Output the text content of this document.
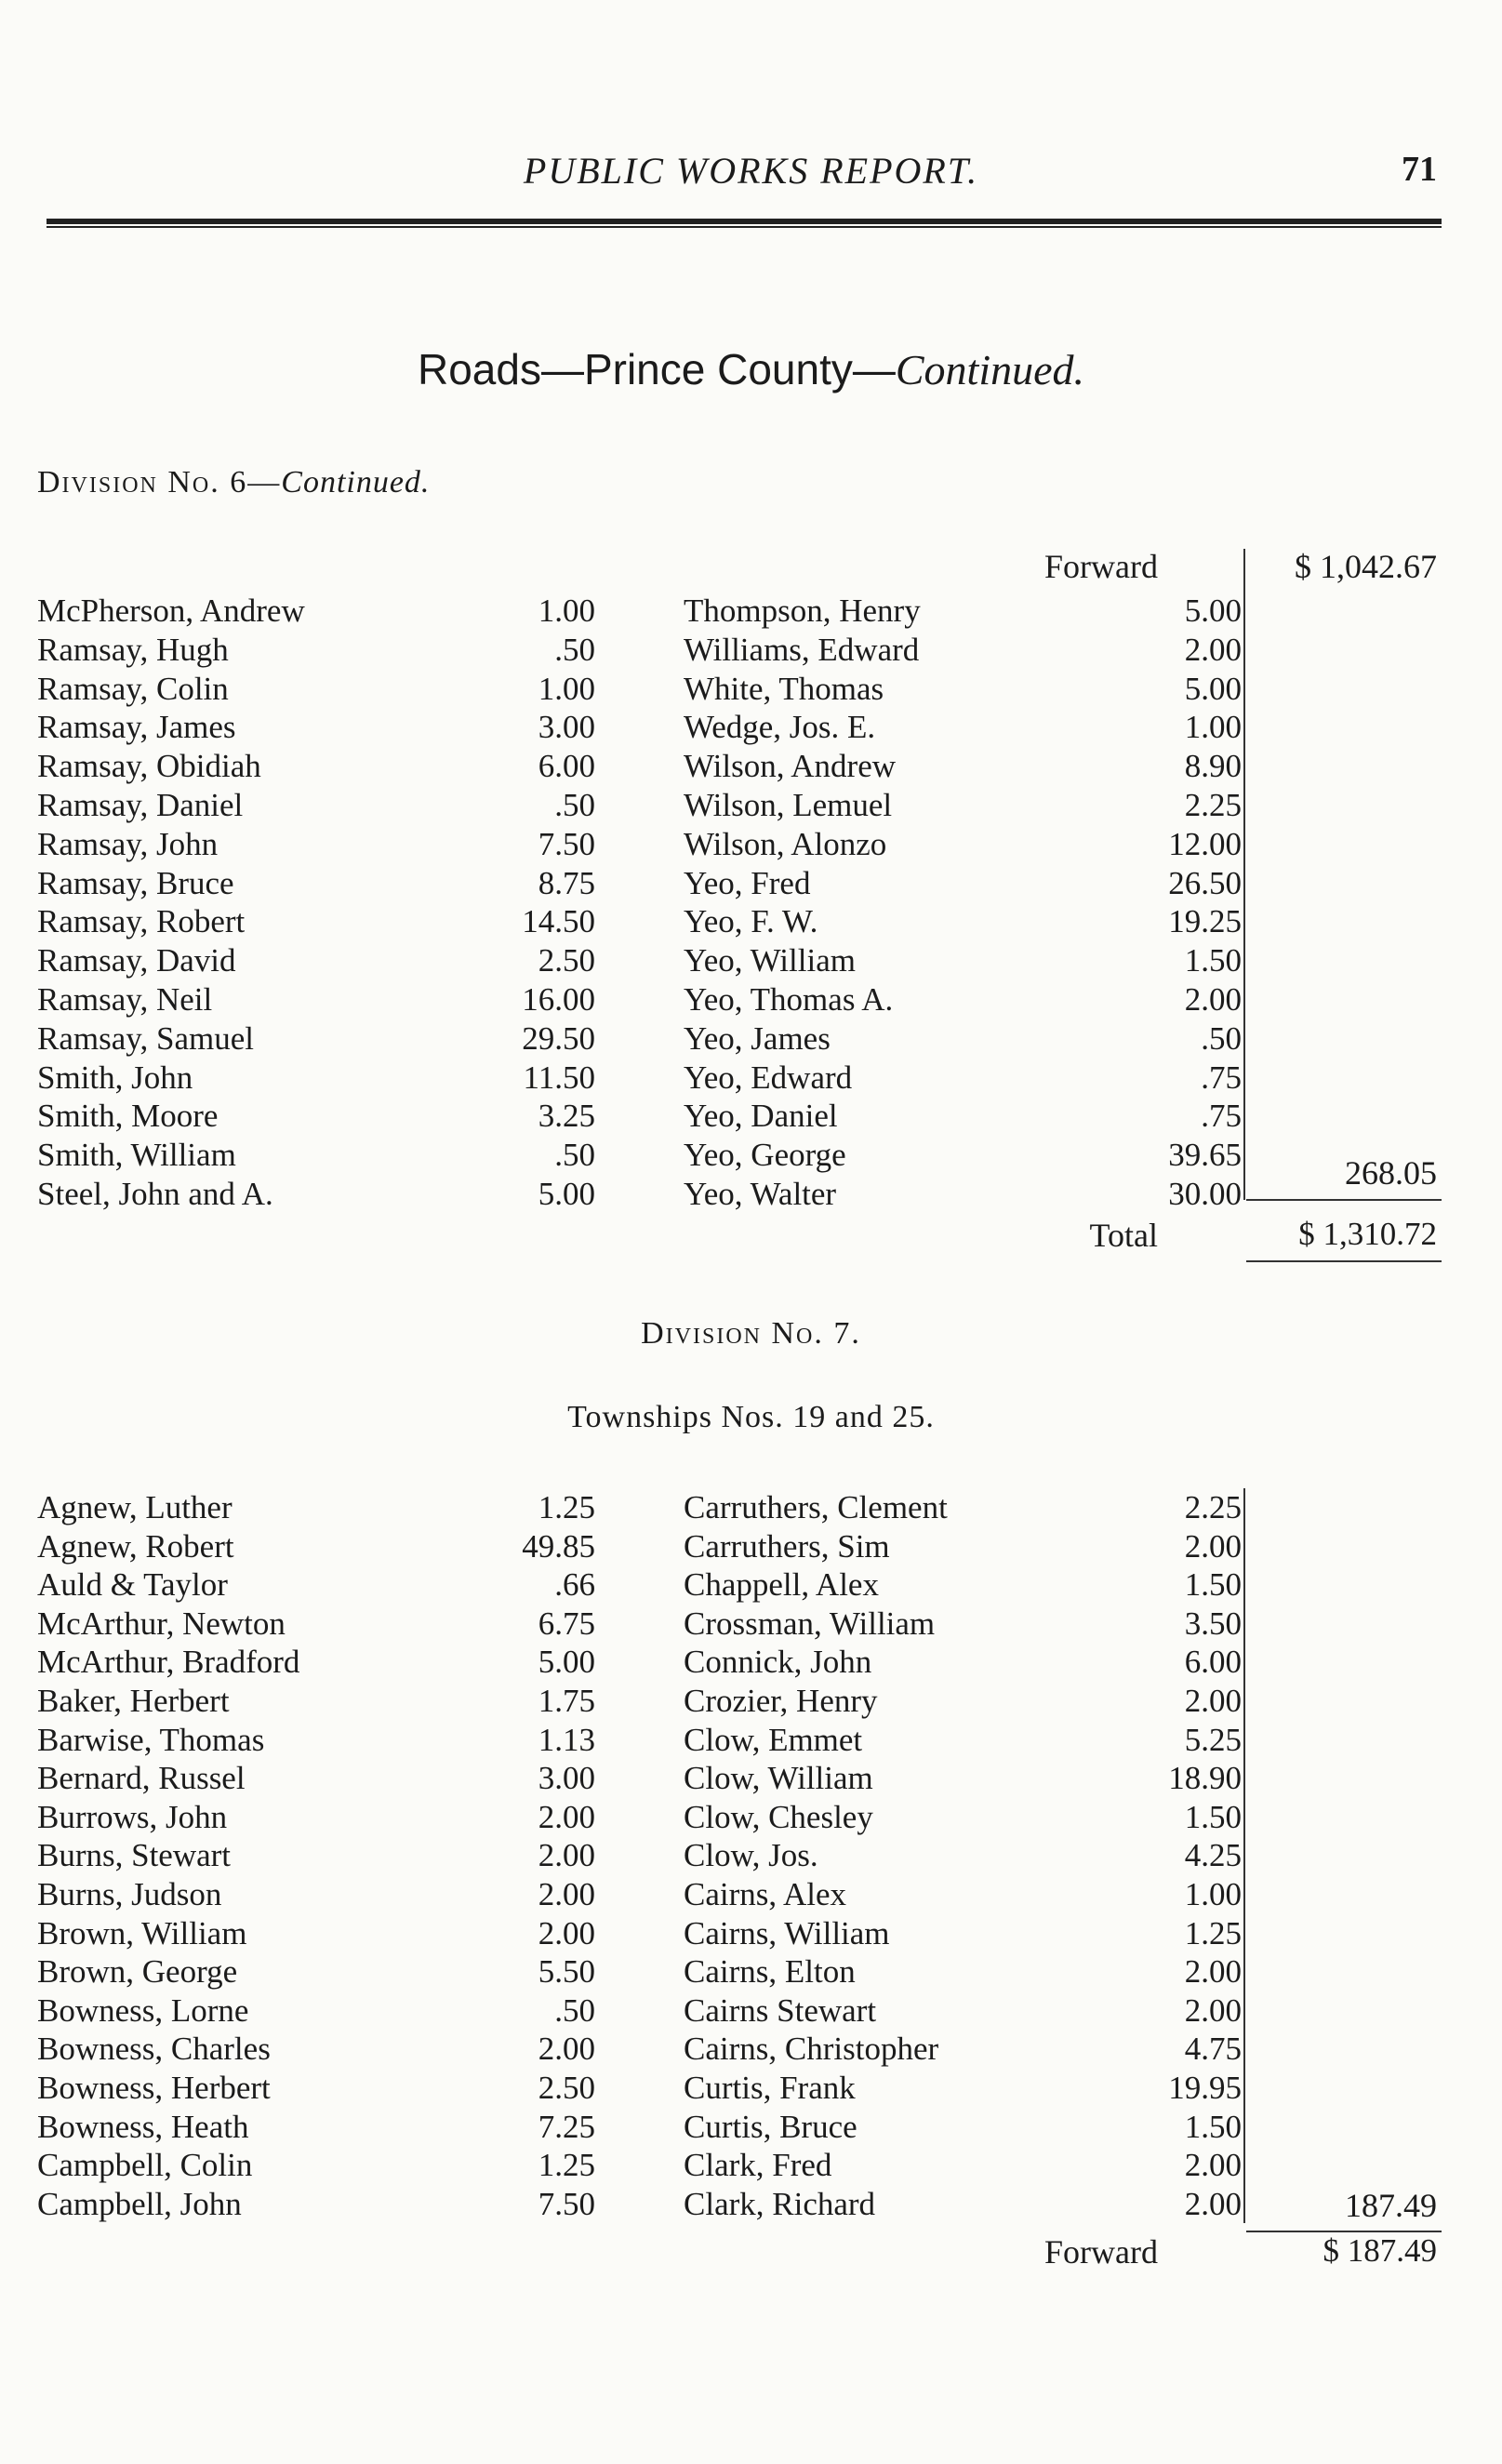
PUBLIC WORKS REPORT.	71
Roads—Prince County—Continued.
Division No. 6—Continued.
Forward	$ 1,042.67
McPherson, Andrew	1.00	Thompson, Henry	5.00
Ramsay, Hugh	.50	Williams, Edward	2.00
Ramsay, Colin	1.00	White, Thomas	5.00
Ramsay, James	3.00	Wedge, Jos. E.	1.00
Ramsay, Obidiah	6.00	Wilson, Andrew	8.90
Ramsay, Daniel	.50	Wilson, Lemuel	2.25
Ramsay, John	7.50	Wilson, Alonzo	12.00
Ramsay, Bruce	8.75	Yeo, Fred	26.50
Ramsay, Robert	14.50	Yeo, F. W.	19.25
Ramsay, David	2.50	Yeo, William	1.50
Ramsay, Neil	16.00	Yeo, Thomas A.	2.00
Ramsay, Samuel	29.50	Yeo, James	.50
Smith, John	11.50	Yeo, Edward	.75
Smith, Moore	3.25	Yeo, Daniel	.75
Smith, William	.50	Yeo, George	39.65
Steel, John and A.	5.00	Yeo, Walter	30.00
268.05
Total	$ 1,310.72
Division No. 7.
Townships Nos. 19 and 25.
Agnew, Luther	1.25	Carruthers, Clement	2.25
Agnew, Robert	49.85	Carruthers, Sim	2.00
Auld & Taylor	.66	Chappell, Alex	1.50
McArthur, Newton	6.75	Crossman, William	3.50
McArthur, Bradford	5.00	Connick, John	6.00
Baker, Herbert	1.75	Crozier, Henry	2.00
Barwise, Thomas	1.13	Clow, Emmet	5.25
Bernard, Russel	3.00	Clow, William	18.90
Burrows, John	2.00	Clow, Chesley	1.50
Burns, Stewart	2.00	Clow, Jos.	4.25
Burns, Judson	2.00	Cairns, Alex	1.00
Brown, William	2.00	Cairns, William	1.25
Brown, George	5.50	Cairns, Elton	2.00
Bowness, Lorne	.50	Cairns Stewart	2.00
Bowness, Charles	2.00	Cairns, Christopher	4.75
Bowness, Herbert	2.50	Curtis, Frank	19.95
Bowness, Heath	7.25	Curtis, Bruce	1.50
Campbell, Colin	1.25	Clark, Fred	2.00
Campbell, John	7.50	Clark, Richard	2.00	187.49
Forward	$ 187.49
